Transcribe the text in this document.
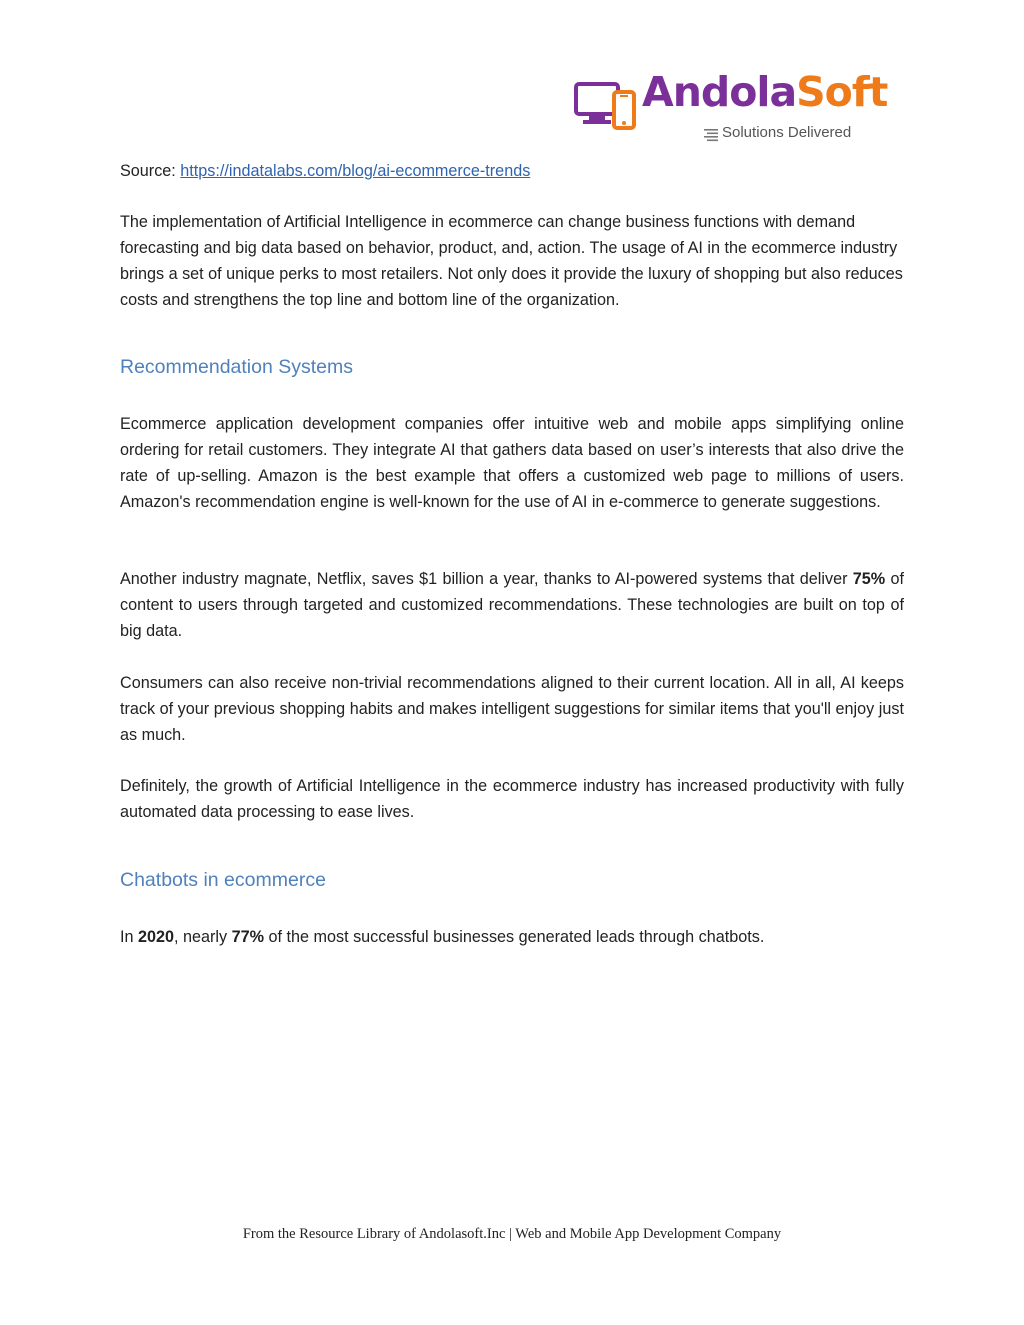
AndolaSoft
Solutions Delivered

Source: https://indatalabs.com/blog/ai-ecommerce-trends

The implementation of Artificial Intelligence in ecommerce can change business functions with demand forecasting and big data based on behavior, product, and, action. The usage of AI in the ecommerce industry brings a set of unique perks to most retailers. Not only does it provide the luxury of shopping but also reduces costs and strengthens the top line and bottom line of the organization.

Recommendation Systems

Ecommerce application development companies offer intuitive web and mobile apps simplifying online ordering for retail customers. They integrate AI that gathers data based on user’s interests that also drive the rate of up-selling. Amazon is the best example that offers a customized web page to millions of users. Amazon's recommendation engine is well-known for the use of AI in e-commerce to generate suggestions.

Another industry magnate, Netflix, saves $1 billion a year, thanks to AI-powered systems that deliver 75% of content to users through targeted and customized recommendations. These technologies are built on top of big data.

Consumers can also receive non-trivial recommendations aligned to their current location. All in all, AI keeps track of your previous shopping habits and makes intelligent suggestions for similar items that you'll enjoy just as much.

Definitely, the growth of Artificial Intelligence in the ecommerce industry has increased productivity with fully automated data processing to ease lives.

Chatbots in ecommerce

In 2020, nearly 77% of the most successful businesses generated leads through chatbots.

From the Resource Library of Andolasoft.Inc | Web and Mobile App Development Company
